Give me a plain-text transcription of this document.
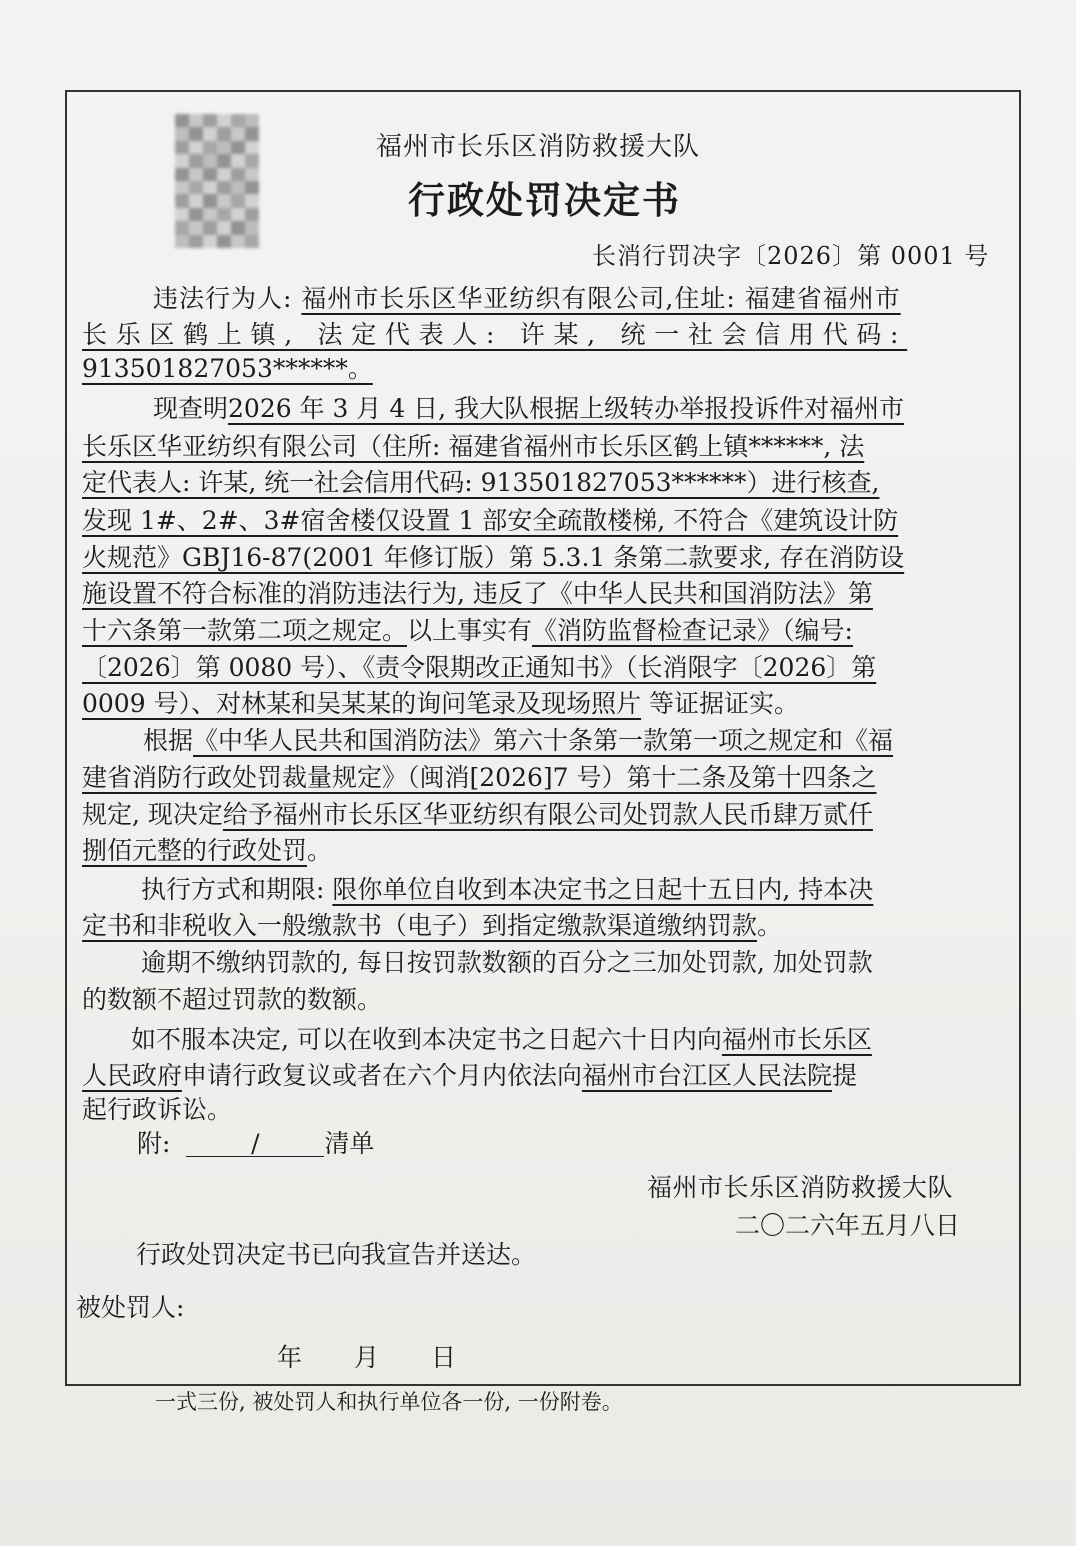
福州市长乐区消防救援大队
行政处罚决定书
长消行罚决字〔2026〕第 0001 号
违法行为人: 福州市长乐区华亚纺织有限公司,住址: 福建省福州市
长乐区鹤上镇, 法定代表人: 许某, 统一社会信用代码:
913501827053******。
现查明2026 年 3 月 4 日, 我大队根据上级转办举报投诉件对福州市
长乐区华亚纺织有限公司（住所: 福建省福州市长乐区鹤上镇******, 法
定代表人: 许某, 统一社会信用代码: 913501827053******）进行核查,
发现 1#、2#、3#宿舍楼仅设置 1 部安全疏散楼梯, 不符合《建筑设计防
火规范》GBJ16-87(2001 年修订版）第 5.3.1 条第二款要求, 存在消防设
施设置不符合标准的消防违法行为, 违反了《中华人民共和国消防法》第
十六条第一款第二项之规定。以上事实有《消防监督检查记录》（编号:
〔2026〕第 0080 号）、《责令限期改正通知书》（长消限字〔2026〕第
0009 号）、对林某和吴某某的询问笔录及现场照片 等证据证实。
根据《中华人民共和国消防法》第六十条第一款第一项之规定和《福
建省消防行政处罚裁量规定》（闽消[2026]7 号）第十二条及第十四条之
规定, 现决定给予福州市长乐区华亚纺织有限公司处罚款人民币肆万贰仟
捌佰元整的行政处罚。
执行方式和期限: 限你单位自收到本决定书之日起十五日内, 持本决
定书和非税收入一般缴款书（电子）到指定缴款渠道缴纳罚款。
逾期不缴纳罚款的, 每日按罚款数额的百分之三加处罚款, 加处罚款
的数额不超过罚款的数额。
如不服本决定, 可以在收到本决定书之日起六十日内向福州市长乐区
人民政府申请行政复议或者在六个月内依法向福州市台江区人民法院提
起行政诉讼。
附:	/	清单
福州市长乐区消防救援大队
二〇二六年五月八日
行政处罚决定书已向我宣告并送达。
被处罚人:
年 月 日
一式三份, 被处罚人和执行单位各一份, 一份附卷。
